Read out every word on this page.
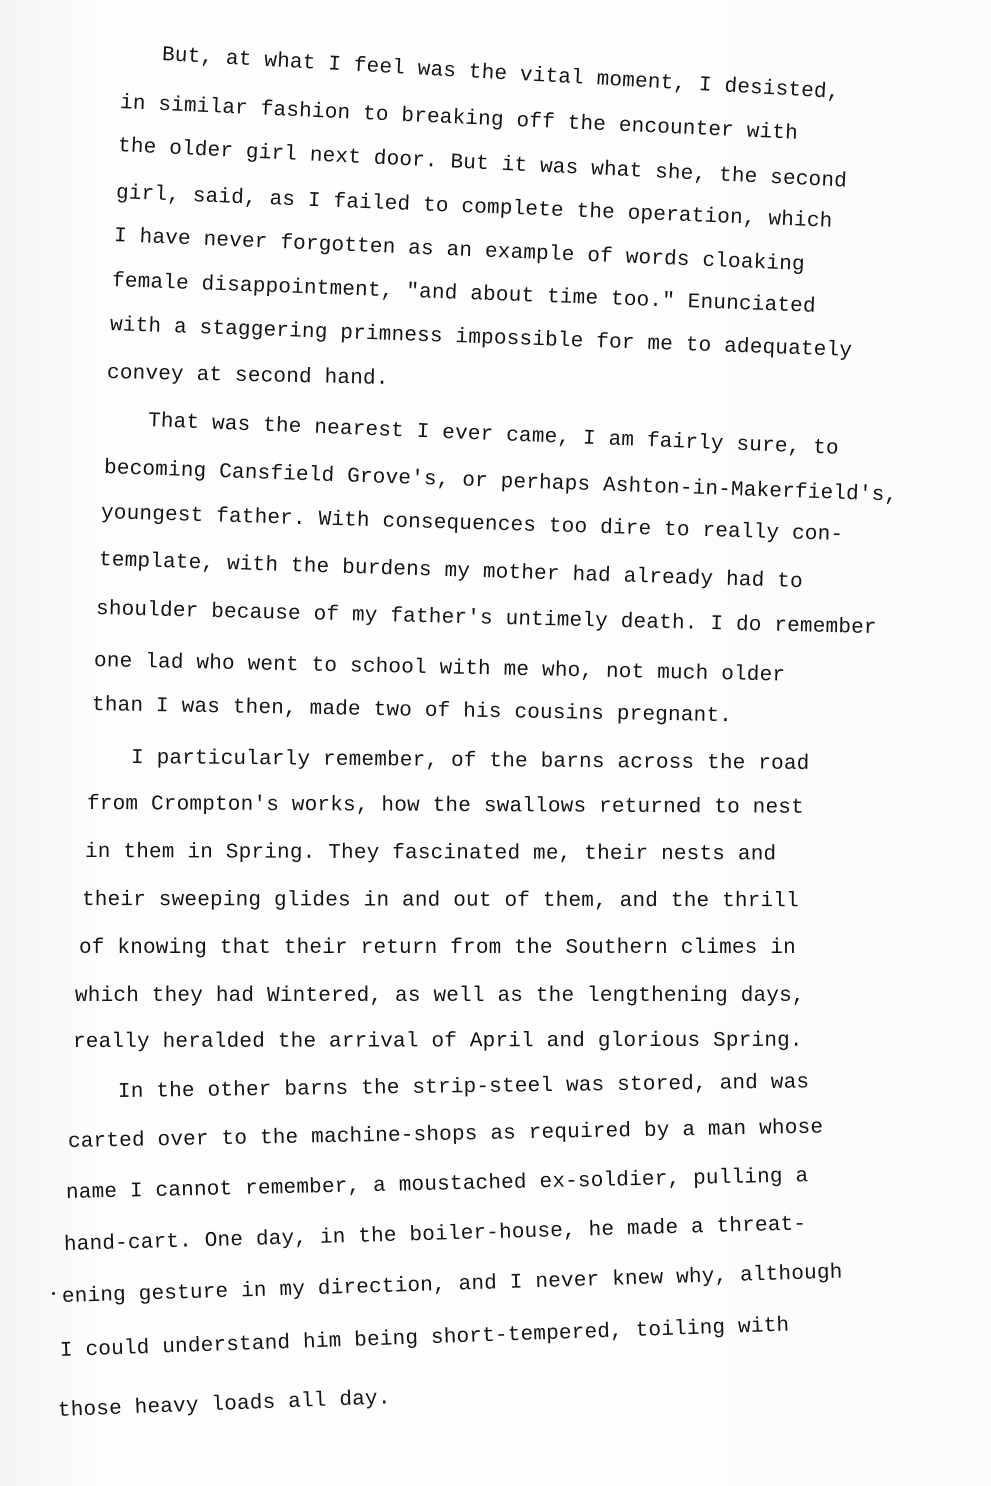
But, at what I feel was the vital moment, I desisted,
in similar fashion to breaking off the encounter with
the older girl next door. But it was what she, the second
girl, said, as I failed to complete the operation, which
I have never forgotten as an example of words cloaking
female disappointment, "and about time too." Enunciated
with a staggering primness impossible for me to adequately
convey at second hand.
That was the nearest I ever came, I am fairly sure, to
becoming Cansfield Grove's, or perhaps Ashton-in-Makerfield's,
youngest father. With consequences too dire to really con-
template, with the burdens my mother had already had to
shoulder because of my father's untimely death. I do remember
one lad who went to school with me who, not much older
than I was then, made two of his cousins pregnant.
I particularly remember, of the barns across the road
from Crompton's works, how the swallows returned to nest
in them in Spring. They fascinated me, their nests and
their sweeping glides in and out of them, and the thrill
of knowing that their return from the Southern climes in
which they had Wintered, as well as the lengthening days,
really heralded the arrival of April and glorious Spring.
In the other barns the strip-steel was stored, and was
carted over to the machine-shops as required by a man whose
name I cannot remember, a moustached ex-soldier, pulling a
hand-cart. One day, in the boiler-house, he made a threat-
ening gesture in my direction, and I never knew why, although
I could understand him being short-tempered, toiling with
those heavy loads all day.
